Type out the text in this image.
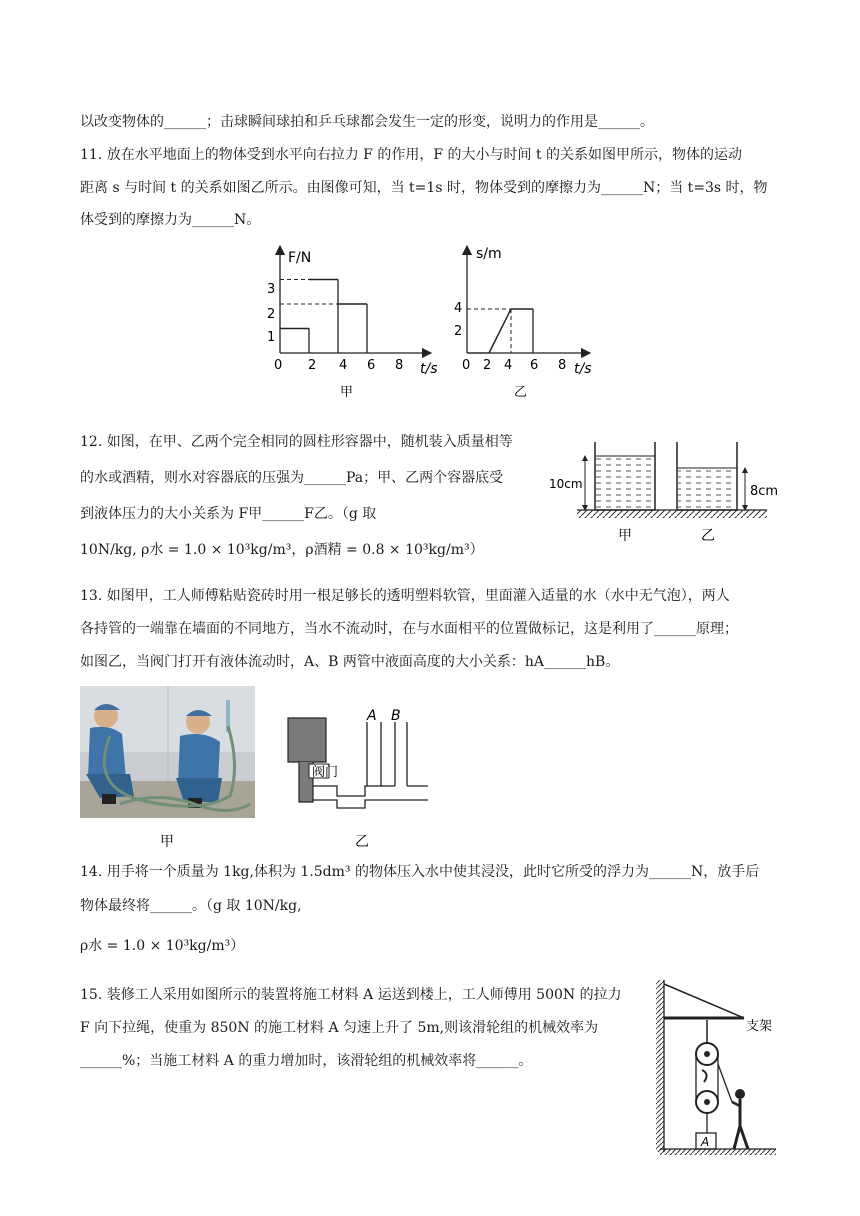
以改变物体的______；击球瞬间球拍和乒乓球都会发生一定的形变，说明力的作用是______。
11. 放在水平地面上的物体受到水平向右拉力 F 的作用，F 的大小与时间 t 的关系如图甲所示，物体的运动
距离 s 与时间 t 的关系如图乙所示。由图像可知，当 t=1s 时，物体受到的摩擦力为______N；当 t=3s 时，物
体受到的摩擦力为______N。
F/N
t/s
0 2 4 6 8
1
2
3
甲
s/m
t/s
0 2 4 6 8
2
4
乙
12. 如图，在甲、乙两个完全相同的圆柱形容器中，随机装入质量相等
的水或酒精，则水对容器底的压强为______Pa；甲、乙两个容器底受
到液体压力的大小关系为 F甲______F乙。（g 取
10N/kg, ρ水 = 1.0 × 10³kg/m³，ρ酒精 = 0.8 × 10³kg/m³）
10cm	8cm
甲	乙
13. 如图甲，工人师傅粘贴瓷砖时用一根足够长的透明塑料软管，里面灌入适量的水（水中无气泡），两人
各持管的一端靠在墙面的不同地方，当水不流动时，在与水面相平的位置做标记，这是利用了______原理；
如图乙，当阀门打开有液体流动时，A、B 两管中液面高度的大小关系：hA______hB。
甲
阀门
A B
乙
14. 用手将一个质量为 1kg,体积为 1.5dm³ 的物体压入水中使其浸没，此时它所受的浮力为______N，放手后
物体最终将______。（g 取 10N/kg,
ρ水 = 1.0 × 10³kg/m³）
15. 装修工人采用如图所示的装置将施工材料 A 运送到楼上，工人师傅用 500N 的拉力
F 向下拉绳，使重为 850N 的施工材料 A 匀速上升了 5m,则该滑轮组的机械效率为
______%；当施工材料 A 的重力增加时，该滑轮组的机械效率将______。
支架
A
